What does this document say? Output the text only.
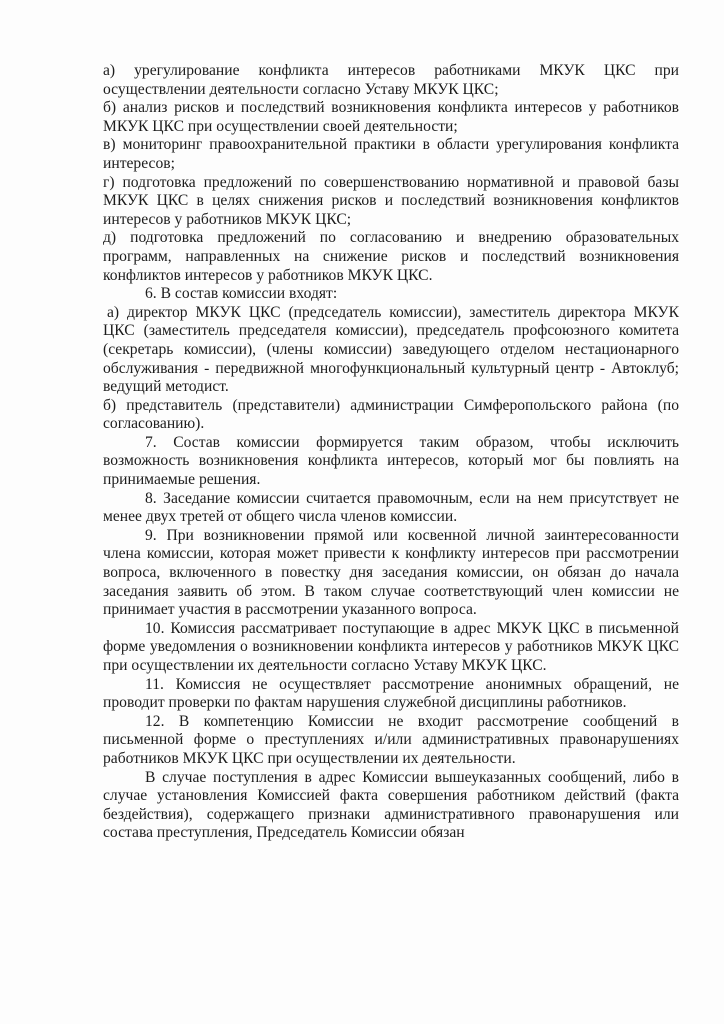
а) урегулирование конфликта интересов работниками МКУК ЦКС при осуществлении деятельности согласно Уставу МКУК ЦКС;

б) анализ рисков и последствий возникновения конфликта интересов у работников МКУК ЦКС при осуществлении своей деятельности;

в) мониторинг правоохранительной практики в области урегулирования конфликта интересов;

г) подготовка предложений по совершенствованию нормативной и правовой базы МКУК ЦКС в целях снижения рисков и последствий возникновения конфликтов интересов у работников МКУК ЦКС;

д) подготовка предложений по согласованию и внедрению образовательных программ, направленных на снижение рисков и последствий возникновения конфликтов интересов у работников МКУК ЦКС.

6. В состав комиссии входят:

а) директор МКУК ЦКС (председатель комиссии), заместитель директора МКУК ЦКС (заместитель председателя комиссии), председатель профсоюзного комитета (секретарь комиссии), (члены комиссии) заведующего отделом нестационарного обслуживания - передвижной многофункциональный культурный центр - Автоклуб; ведущий методист.

б) представитель (представители) администрации Симферопольского района (по согласованию).

7. Состав комиссии формируется таким образом, чтобы исключить возможность возникновения конфликта интересов, который мог бы повлиять на принимаемые решения.

8. Заседание комиссии считается правомочным, если на нем присутствует не менее двух третей от общего числа членов комиссии.

9. При возникновении прямой или косвенной личной заинтересованности члена комиссии, которая может привести к конфликту интересов при рассмотрении вопроса, включенного в повестку дня заседания комиссии, он обязан до начала заседания заявить об этом. В таком случае соответствующий член комиссии не принимает участия в рассмотрении указанного вопроса.

10. Комиссия рассматривает поступающие в адрес МКУК ЦКС в письменной форме уведомления о возникновении конфликта интересов у работников МКУК ЦКС при осуществлении их деятельности согласно Уставу МКУК ЦКС.

11. Комиссия не осуществляет рассмотрение анонимных обращений, не проводит проверки по фактам нарушения служебной дисциплины работников.

12. В компетенцию Комиссии не входит рассмотрение сообщений в письменной форме о преступлениях и/или административных правонарушениях работников МКУК ЦКС при осуществлении их деятельности.

В случае поступления в адрес Комиссии вышеуказанных сообщений, либо в случае установления Комиссией факта совершения работником действий (факта бездействия), содержащего признаки административного правонарушения или состава преступления, Председатель Комиссии обязан
